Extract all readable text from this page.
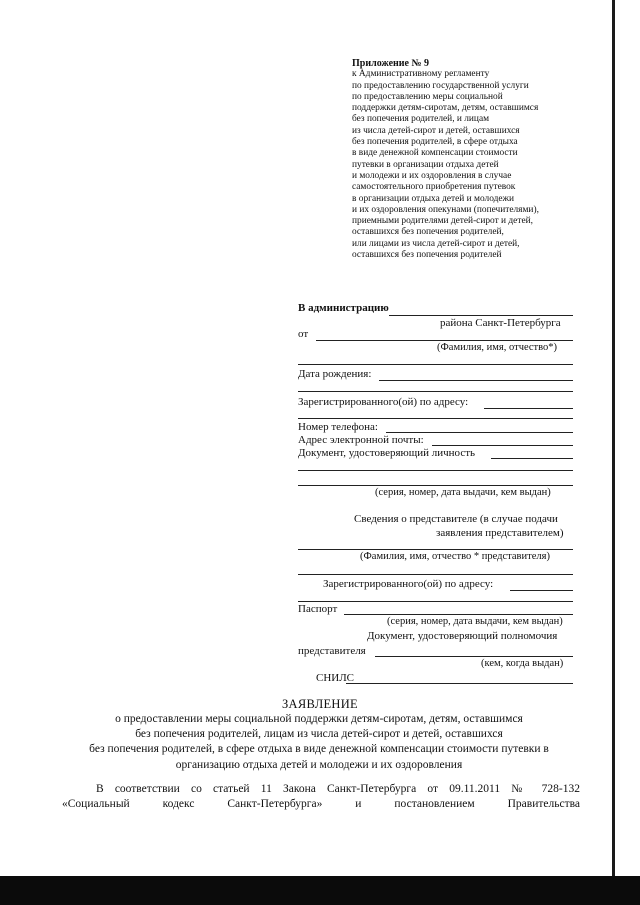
Приложение № 9
к Административному регламенту
по предоставлению государственной услуги
по предоставлению меры социальной
поддержки детям-сиротам, детям, оставшимся
без попечения родителей, и лицам
из числа детей-сирот и детей, оставшихся
без попечения родителей, в сфере отдыха
в виде денежной компенсации стоимости
путевки в организации отдыха детей
и молодежи и их оздоровления в случае
самостоятельного приобретения путевок
в организации отдыха детей и молодежи
и их оздоровления опекунами (попечителями),
приемными родителями детей-сирот и детей,
оставшихся без попечения родителей,
или лицами из числа детей-сирот и детей,
оставшихся без попечения родителей
В администрацию
района Санкт-Петербурга
от
(Фамилия, имя, отчество*)
Дата рождения:
Зарегистрированного(ой) по адресу:
Номер телефона:
Адрес электронной почты:
Документ, удостоверяющий личность
(серия, номер, дата выдачи, кем выдан)
Сведения о представителе (в случае подачи
заявления представителем)
(Фамилия, имя, отчество * представителя)
Зарегистрированного(ой) по адресу:
Паспорт
(серия, номер, дата выдачи, кем выдан)
Документ, удостоверяющий полномочия
представителя
(кем, когда выдан)
СНИЛС
ЗАЯВЛЕНИЕ
о предоставлении меры социальной поддержки детям-сиротам, детям, оставшимся
без попечения родителей, лицам из числа детей-сирот и детей, оставшихся
без попечения родителей, в сфере отдыха в виде денежной компенсации стоимости путевки в
организацию отдыха детей и молодежи и их оздоровления
В соответствии со статьей 11 Закона Санкт-Петербурга от 09.11.2011 № 728-132
«Социальный кодекс Санкт-Петербурга» и постановлением Правительства
